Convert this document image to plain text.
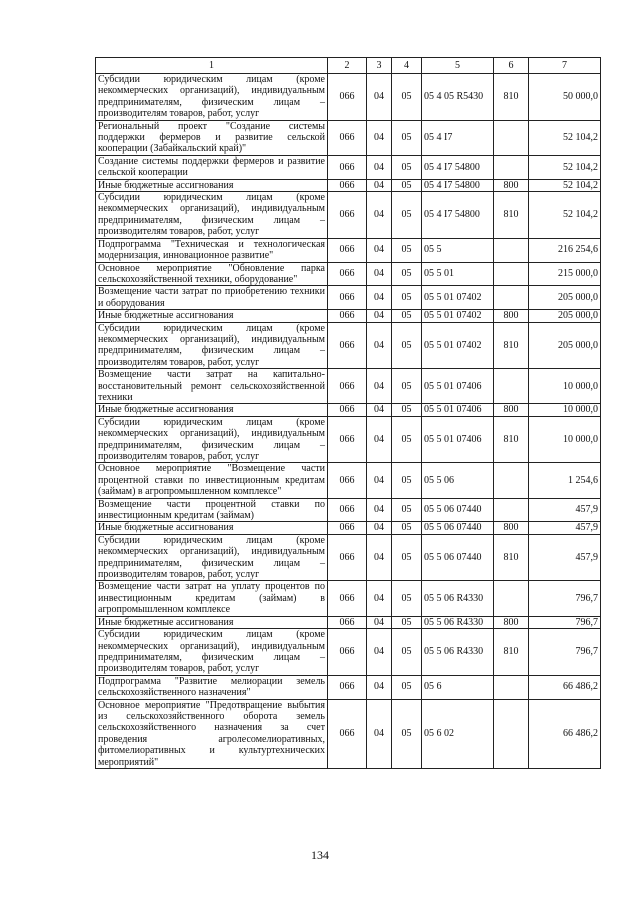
1	2	3	4	5	6	7
Субсидии юридическим лицам (кроме некоммерческих организаций), индивидуальным предпринимателям, физическим лицам – производителям товаров, работ, услуг	066	04	05	05 4 05 R5430	810	50 000,0
Региональный проект "Создание системы поддержки фермеров и развитие сельской кооперации (Забайкальский край)"	066	04	05	05 4 I7		52 104,2
Создание системы поддержки фермеров и развитие сельской кооперации	066	04	05	05 4 I7 54800		52 104,2
Иные бюджетные ассигнования	066	04	05	05 4 I7 54800	800	52 104,2
Субсидии юридическим лицам (кроме некоммерческих организаций), индивидуальным предпринимателям, физическим лицам – производителям товаров, работ, услуг	066	04	05	05 4 I7 54800	810	52 104,2
Подпрограмма "Техническая и технологическая модернизация, инновационное развитие"	066	04	05	05 5		216 254,6
Основное мероприятие "Обновление парка сельскохозяйственной техники, оборудование"	066	04	05	05 5 01		215 000,0
Возмещение части затрат по приобретению техники и оборудования	066	04	05	05 5 01 07402		205 000,0
Иные бюджетные ассигнования	066	04	05	05 5 01 07402	800	205 000,0
Субсидии юридическим лицам (кроме некоммерческих организаций), индивидуальным предпринимателям, физическим лицам – производителям товаров, работ, услуг	066	04	05	05 5 01 07402	810	205 000,0
Возмещение части затрат на капитально-восстановительный ремонт сельскохозяйственной техники	066	04	05	05 5 01 07406		10 000,0
Иные бюджетные ассигнования	066	04	05	05 5 01 07406	800	10 000,0
Субсидии юридическим лицам (кроме некоммерческих организаций), индивидуальным предпринимателям, физическим лицам – производителям товаров, работ, услуг	066	04	05	05 5 01 07406	810	10 000,0
Основное мероприятие "Возмещение части процентной ставки по инвестиционным кредитам (займам) в агропромышленном комплексе"	066	04	05	05 5 06		1 254,6
Возмещение части процентной ставки по инвестиционным кредитам (займам)	066	04	05	05 5 06 07440		457,9
Иные бюджетные ассигнования	066	04	05	05 5 06 07440	800	457,9
Субсидии юридическим лицам (кроме некоммерческих организаций), индивидуальным предпринимателям, физическим лицам – производителям товаров, работ, услуг	066	04	05	05 5 06 07440	810	457,9
Возмещение части затрат на уплату процентов по инвестиционным кредитам (займам) в агропромышленном комплексе	066	04	05	05 5 06 R4330		796,7
Иные бюджетные ассигнования	066	04	05	05 5 06 R4330	800	796,7
Субсидии юридическим лицам (кроме некоммерческих организаций), индивидуальным предпринимателям, физическим лицам – производителям товаров, работ, услуг	066	04	05	05 5 06 R4330	810	796,7
Подпрограмма "Развитие мелиорации земель сельскохозяйственного назначения"	066	04	05	05 6		66 486,2
Основное мероприятие "Предотвращение выбытия из сельскохозяйственного оборота земель сельскохозяйственного назначения за счет проведения агролесомелиоративных, фитомелиоративных и культуртехнических мероприятий"	066	04	05	05 6 02		66 486,2
134
